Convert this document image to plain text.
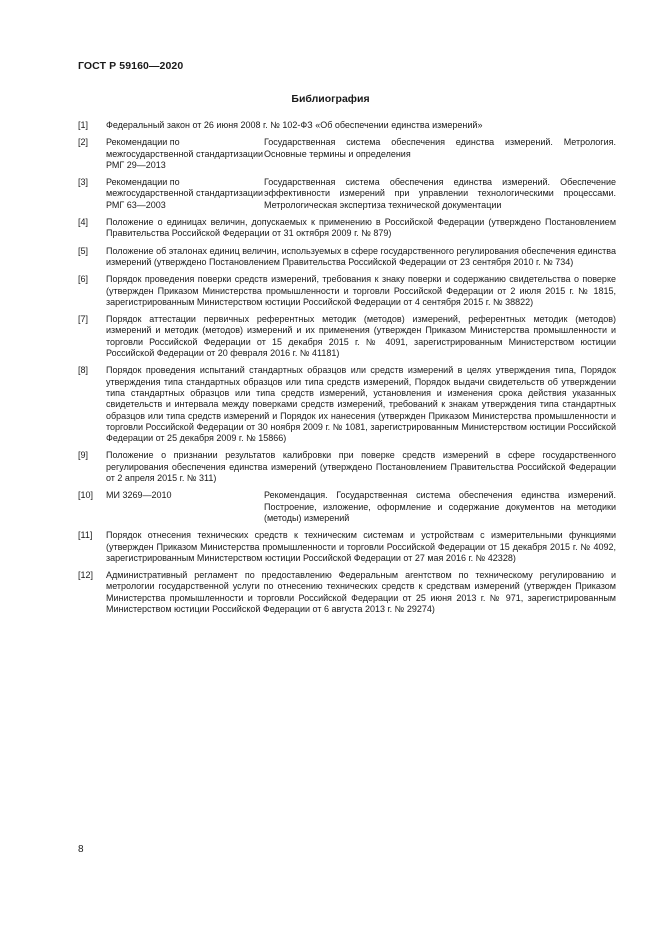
ГОСТ Р 59160—2020
Библиография
[1] Федеральный закон от 26 июня 2008 г. № 102-ФЗ «Об обеспечении единства измерений»
[2] Рекомендации по межгосударственной стандартизации РМГ 29—2013
Государственная система обеспечения единства измерений. Метрология. Основные термины и определения
[3] Рекомендации по межгосударственной стандартизации РМГ 63—2003
Государственная система обеспечения единства измерений. Обеспечение эффективности измерений при управлении технологическими процессами. Метрологическая экспертиза технической документации
[4] Положение о единицах величин, допускаемых к применению в Российской Федерации (утверждено Постановлением Правительства Российской Федерации от 31 октября 2009 г. № 879)
[5] Положение об эталонах единиц величин, используемых в сфере государственного регулирования обеспечения единства измерений (утверждено Постановлением Правительства Российской Федерации от 23 сентября 2010 г. № 734)
[6] Порядок проведения поверки средств измерений, требования к знаку поверки и содержанию свидетельства о поверке (утвержден Приказом Министерства промышленности и торговли Российской Федерации от 2 июля 2015 г. № 1815, зарегистрированным Министерством юстиции Российской Федерации от 4 сентября 2015 г. № 38822)
[7] Порядок аттестации первичных референтных методик (методов) измерений, референтных методик (методов) измерений и методик (методов) измерений и их применения (утвержден Приказом Министерства промышленности и торговли Российской Федерации от 15 декабря 2015 г. № 4091, зарегистрированным Министерством юстиции Российской Федерации от 20 февраля 2016 г. № 41181)
[8] Порядок проведения испытаний стандартных образцов или средств измерений в целях утверждения типа, Порядок утверждения типа стандартных образцов или типа средств измерений, Порядок выдачи свидетельств об утверждении типа стандартных образцов или типа средств измерений, установления и изменения срока действия указанных свидетельств и интервала между поверками средств измерений, требований к знакам утверждения типа стандартных образцов или типа средств измерений и Порядок их нанесения (утвержден Приказом Министерства промышленности и торговли Российской Федерации от 30 ноября 2009 г. № 1081, зарегистрированным Министерством юстиции Российской Федерации от 25 декабря 2009 г. № 15866)
[9] Положение о признании результатов калибровки при поверке средств измерений в сфере государственного регулирования обеспечения единства измерений (утверждено Постановлением Правительства Российской Федерации от 2 апреля 2015 г. № 311)
[10] МИ 3269—2010	Рекомендация. Государственная система обеспечения единства измерений. Построение, изложение, оформление и содержание документов на методики (методы) измерений
[11] Порядок отнесения технических средств к техническим системам и устройствам с измерительными функциями (утвержден Приказом Министерства промышленности и торговли Российской Федерации от 15 декабря 2015 г. № 4092, зарегистрированным Министерством юстиции Российской Федерации от 27 мая 2016 г. № 42328)
[12] Административный регламент по предоставлению Федеральным агентством по техническому регулированию и метрологии государственной услуги по отнесению технических средств к средствам измерений (утвержден Приказом Министерства промышленности и торговли Российской Федерации от 25 июня 2013 г. № 971, зарегистрированным Министерством юстиции Российской Федерации от 6 августа 2013 г. № 29274)
8
